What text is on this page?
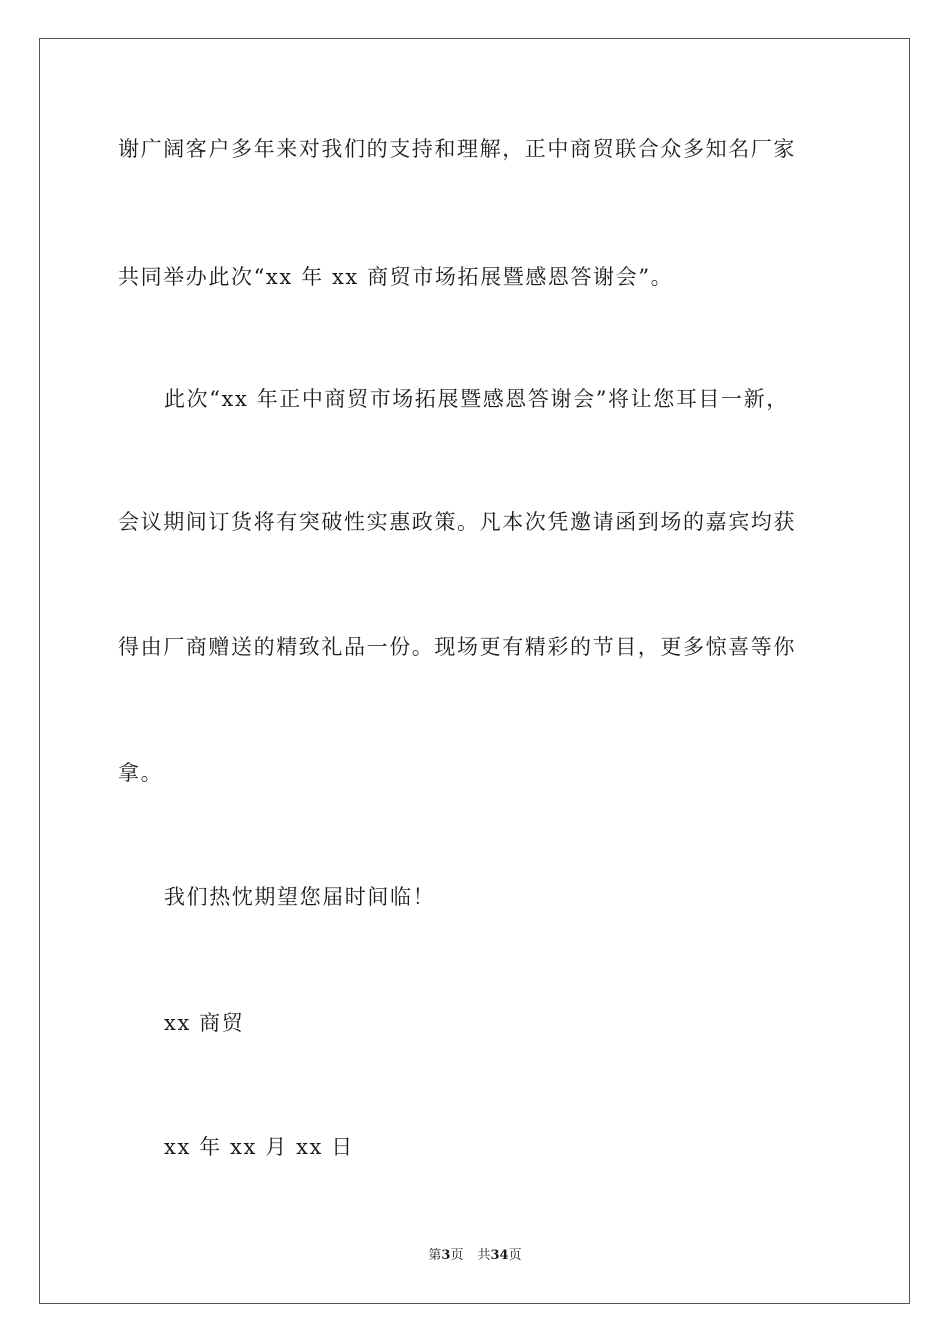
谢广阔客户多年来对我们的支持和理解，正中商贸联合众多知名厂家
共同举办此次“xx 年 xx 商贸市场拓展暨感恩答谢会”。
此次“xx 年正中商贸市场拓展暨感恩答谢会”将让您耳目一新，
会议期间订货将有突破性实惠政策。凡本次凭邀请函到场的嘉宾均获
得由厂商赠送的精致礼品一份。现场更有精彩的节目，更多惊喜等你
拿。
我们热忱期望您届时间临！
xx 商贸
xx 年 xx 月 xx 日
第3页 共34页
